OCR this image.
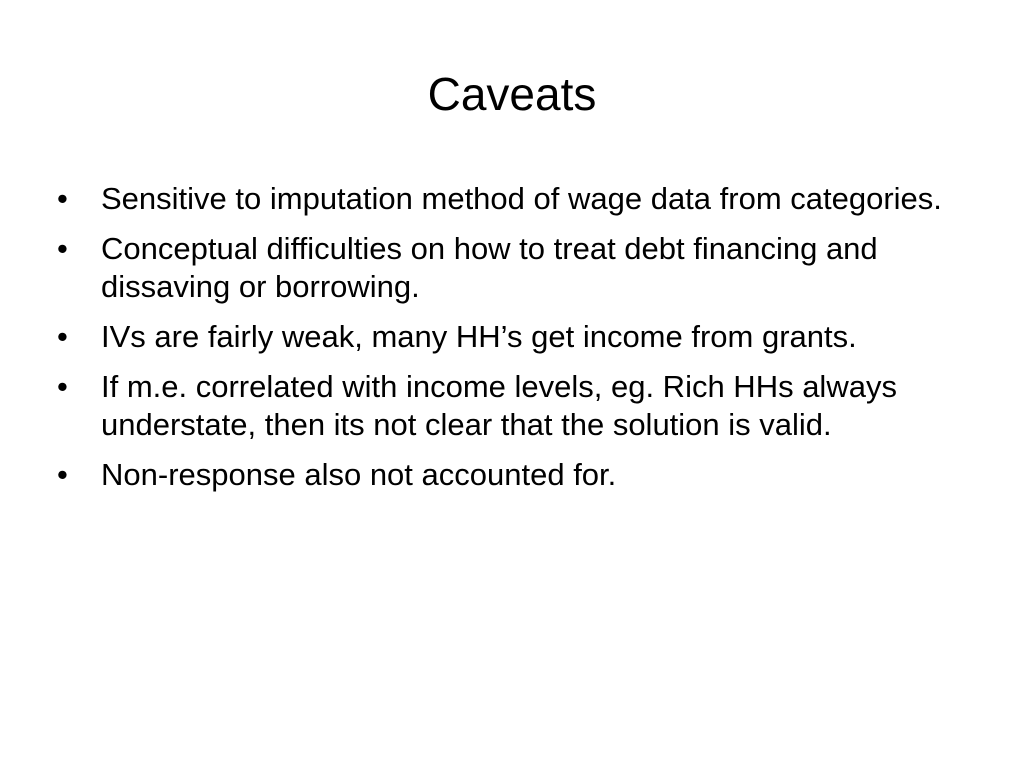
Caveats
•	Sensitive to imputation method of wage data from categories.
•	Conceptual difficulties on how to treat debt financing and dissaving or borrowing.
•	IVs are fairly weak, many HH’s get income from grants.
•	If m.e. correlated with income levels, eg. Rich HHs always understate, then its not clear that the solution is valid.
•	Non-response also not accounted for.
